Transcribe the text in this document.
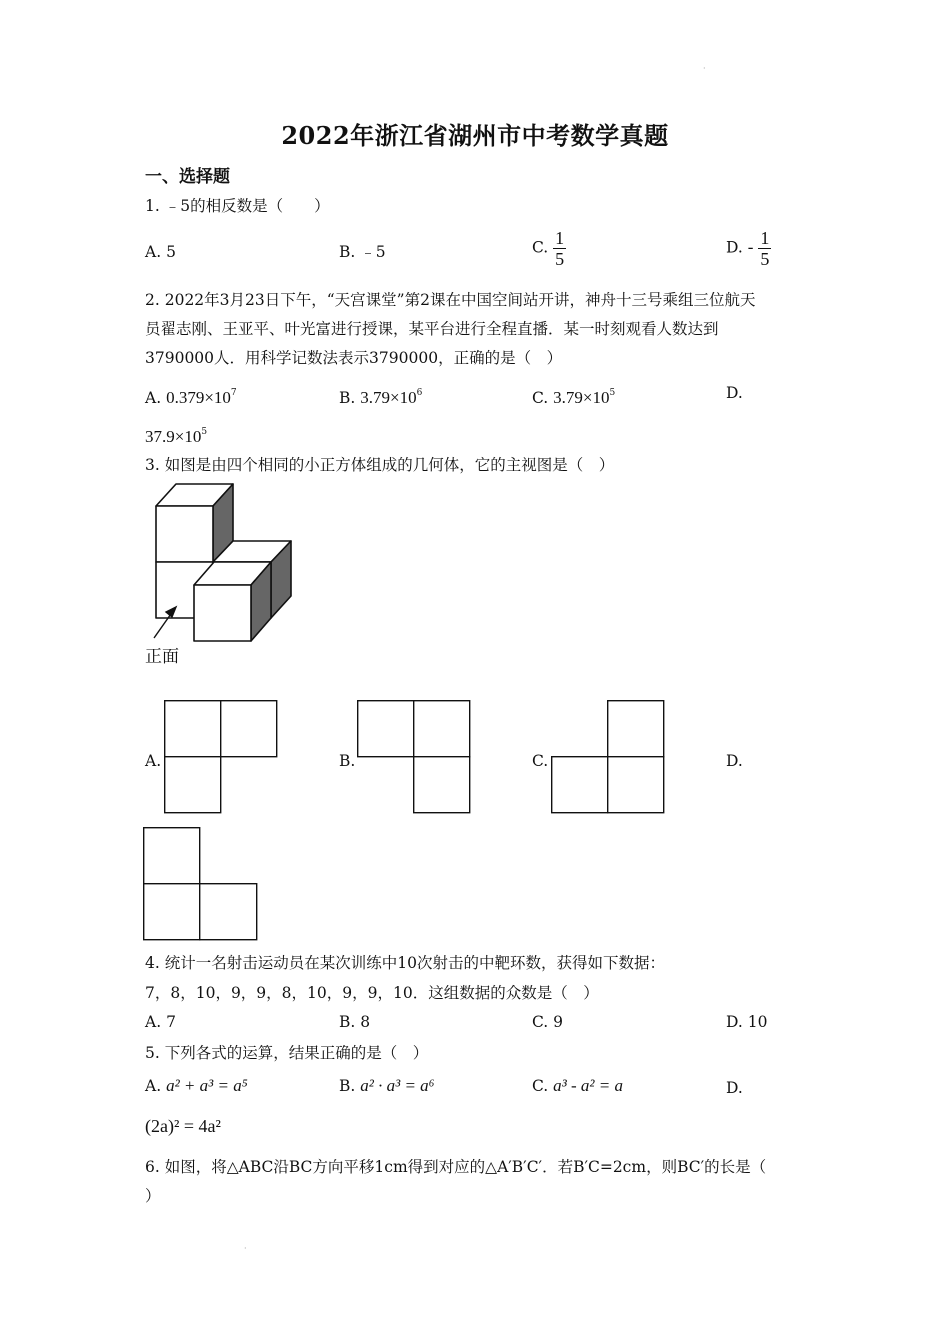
·
·
2022年浙江省湖州市中考数学真题
一、选择题
1. ﹣5的相反数是（　　）
A. 5	B. ﹣5	C. $\frac{1}{5}$	D. - $\frac{1}{5}$
2. 2022年3月23日下午，“天宫课堂”第2课在中国空间站开讲，神舟十三号乘组三位航天
员翟志刚、王亚平、叶光富进行授课，某平台进行全程直播．某一时刻观看人数达到
3790000人．用科学记数法表示3790000，正确的是（　）
A. $0.379\times 10^7$	B. $3.79\times 10^6$	C. $3.79\times 10^5$	D.
$37.9\times 10^5$
3. 如图是由四个相同的小正方体组成的几何体，它的主视图是（　）
正面
A.	B.	C.	D.
4. 统计一名射击运动员在某次训练中10次射击的中靶环数，获得如下数据：
7，8，10，9，9，8，10，9，9，10．这组数据的众数是（　）
A. 7	B. 8	C. 9	D. 10
5. 下列各式的运算，结果正确的是（　）
A. a² + a³ = a⁵	B. a² · a³ = a⁶	C. a³ - a² = a	D.
(2a)² = 4a²
6. 如图，将△ABC沿BC方向平移1cm得到对应的△A′B′C′．若B′C=2cm，则BC′的长是（
）
